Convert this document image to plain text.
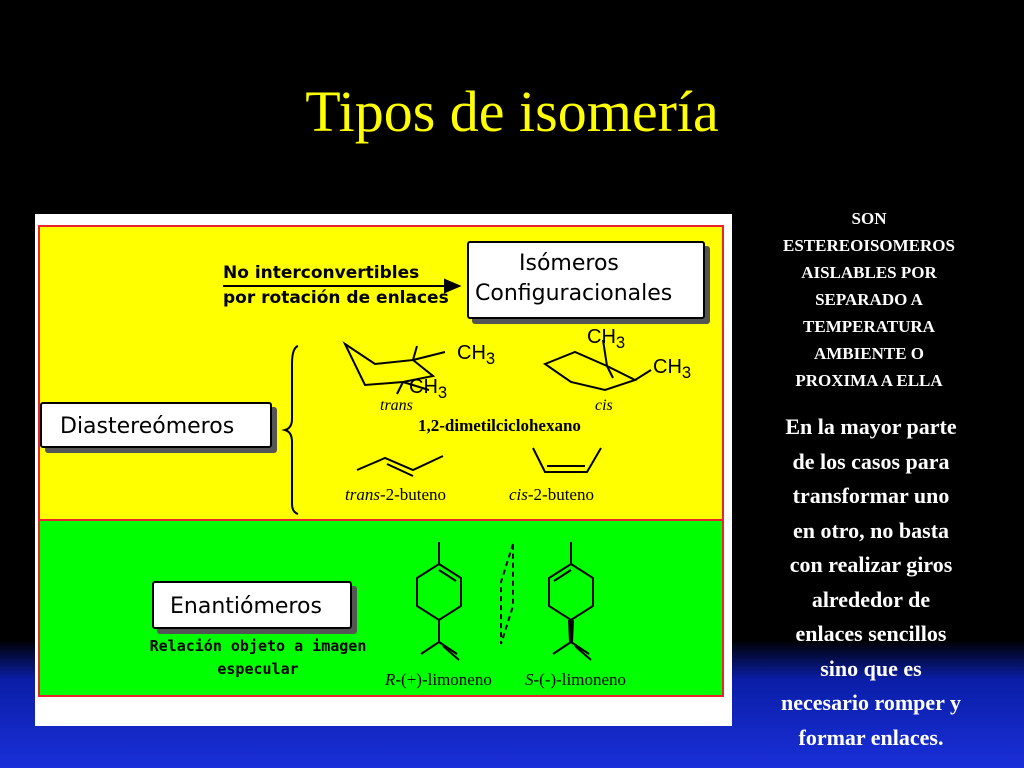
Tipos de isomería
No interconvertibles
por rotación de enlaces
Isómeros
Configuracionales
Diastereómeros
Enantiómeros
Relación objeto a imagen
especular
$CH_3$
$CH_3$
$CH_3$
$CH_3$
trans	cis
1,2-dimetilciclohexano
trans-2-buteno	cis-2-buteno
R-(+)-limoneno S-(-)-limoneno
SON
ESTEREOISOMEROS
AISLABLES POR
SEPARADO A
TEMPERATURA
AMBIENTE O
PROXIMA A ELLA
En la mayor parte
de los casos para
transformar uno
en otro, no basta
con realizar giros
alrededor de
enlaces sencillos
sino que es
necesario romper y
formar enlaces.
